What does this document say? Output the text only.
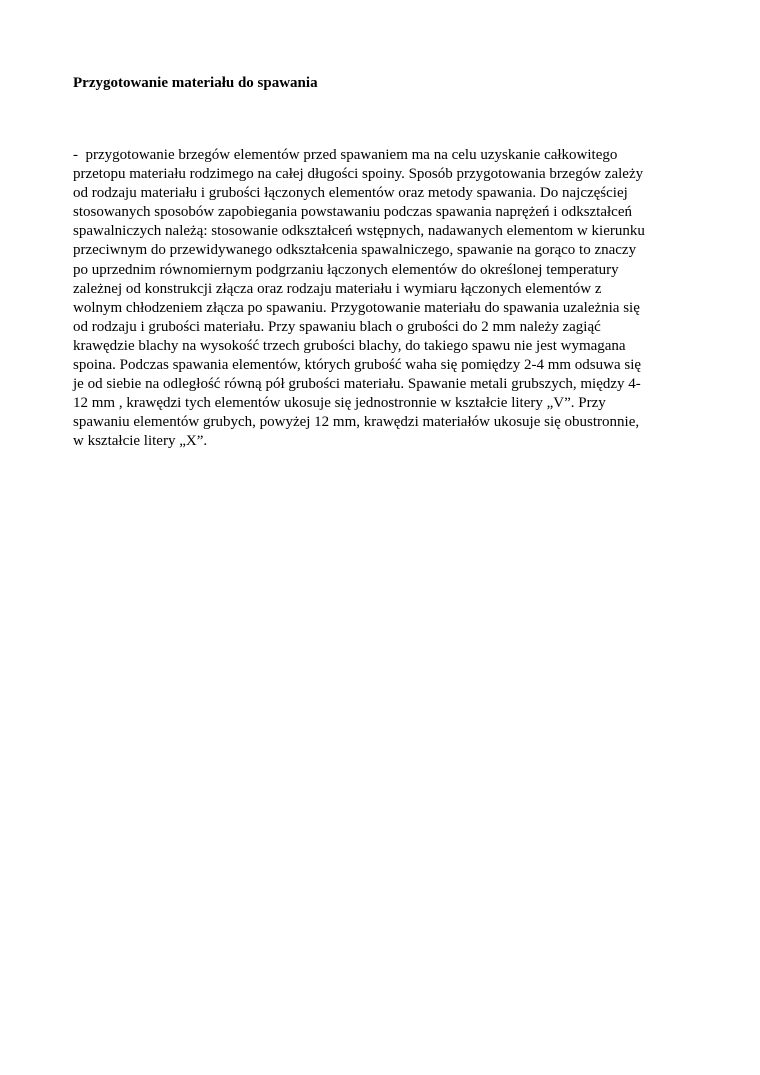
Przygotowanie materiału do spawania
-  przygotowanie brzegów elementów przed spawaniem ma na celu uzyskanie całkowitego
przetopu materiału rodzimego na całej długości spoiny. Sposób przygotowania brzegów zależy
od rodzaju materiału i grubości łączonych elementów oraz metody spawania. Do najczęściej
stosowanych sposobów zapobiegania powstawaniu podczas spawania naprężeń i odkształceń
spawalniczych należą: stosowanie odkształceń wstępnych, nadawanych elementom w kierunku
przeciwnym do przewidywanego odkształcenia spawalniczego, spawanie na gorąco to znaczy
po uprzednim równomiernym podgrzaniu łączonych elementów do określonej temperatury
zależnej od konstrukcji złącza oraz rodzaju materiału i wymiaru łączonych elementów z
wolnym chłodzeniem złącza po spawaniu. Przygotowanie materiału do spawania uzależnia się
od rodzaju i grubości materiału. Przy spawaniu blach o grubości do 2 mm należy zagiąć
krawędzie blachy na wysokość trzech grubości blachy, do takiego spawu nie jest wymagana
spoina. Podczas spawania elementów, których grubość waha się pomiędzy 2-4 mm odsuwa się
je od siebie na odległość równą pół grubości materiału. Spawanie metali grubszych, między 4-
12 mm , krawędzi tych elementów ukosuje się jednostronnie w kształcie litery „V”. Przy
spawaniu elementów grubych, powyżej 12 mm, krawędzi materiałów ukosuje się obustronnie,
w kształcie litery „X”.
